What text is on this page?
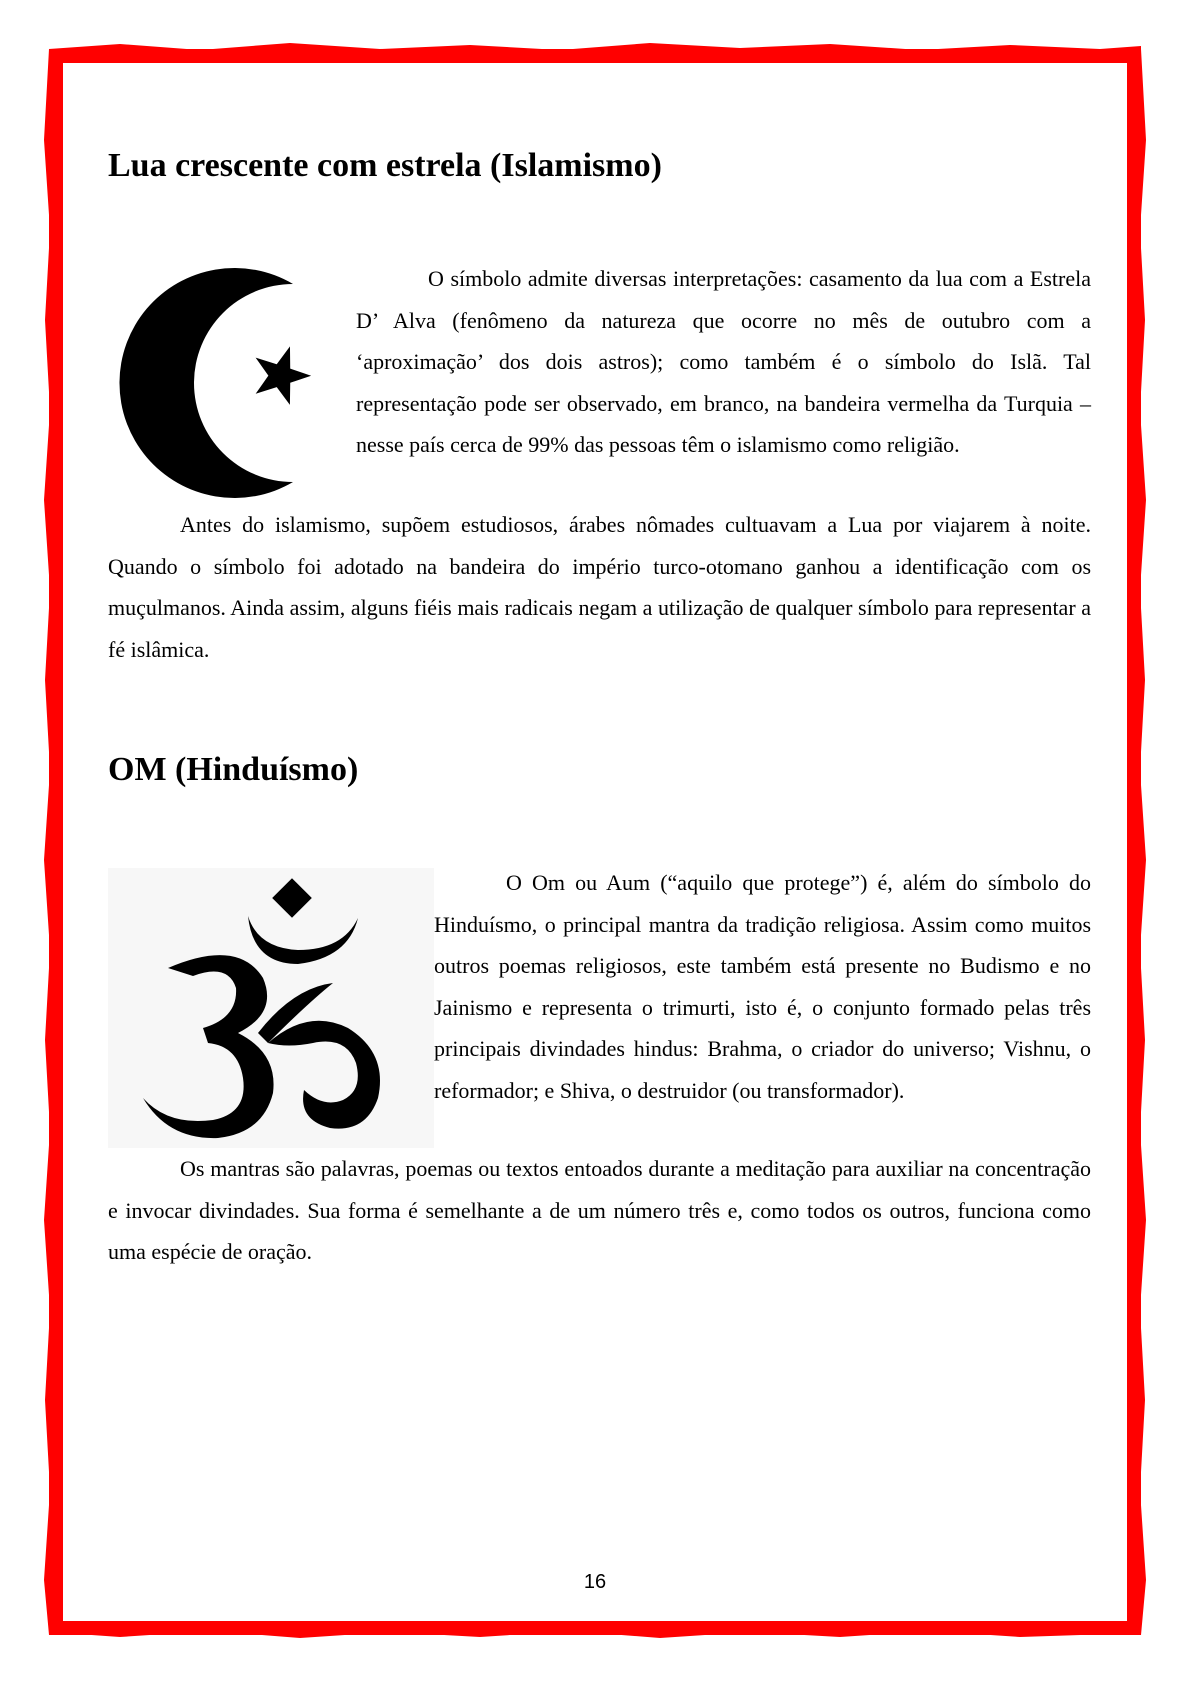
Lua crescente com estrela (Islamismo)

O símbolo admite diversas interpretações: casamento da lua com a Estrela D’ Alva (fenômeno da natureza que ocorre no mês de outubro com a ‘aproximação’ dos dois astros); como também é o símbolo do Islã. Tal representação pode ser observado, em branco, na bandeira vermelha da Turquia – nesse país cerca de 99% das pessoas têm o islamismo como religião.

Antes do islamismo, supõem estudiosos, árabes nômades cultuavam a Lua por viajarem à noite. Quando o símbolo foi adotado na bandeira do império turco-otomano ganhou a identificação com os muçulmanos. Ainda assim, alguns fiéis mais radicais negam a utilização de qualquer símbolo para representar a fé islâmica.

OM (Hinduísmo)

O Om ou Aum (“aquilo que protege”) é, além do símbolo do Hinduísmo, o principal mantra da tradição religiosa. Assim como muitos outros poemas religiosos, este também está presente no Budismo e no Jainismo e representa o trimurti, isto é, o conjunto formado pelas três principais divindades hindus: Brahma, o criador do universo; Vishnu, o reformador; e Shiva, o destruidor (ou transformador).

Os mantras são palavras, poemas ou textos entoados durante a meditação para auxiliar na concentração e invocar divindades. Sua forma é semelhante a de um número três e, como todos os outros, funciona como uma espécie de oração.

16
